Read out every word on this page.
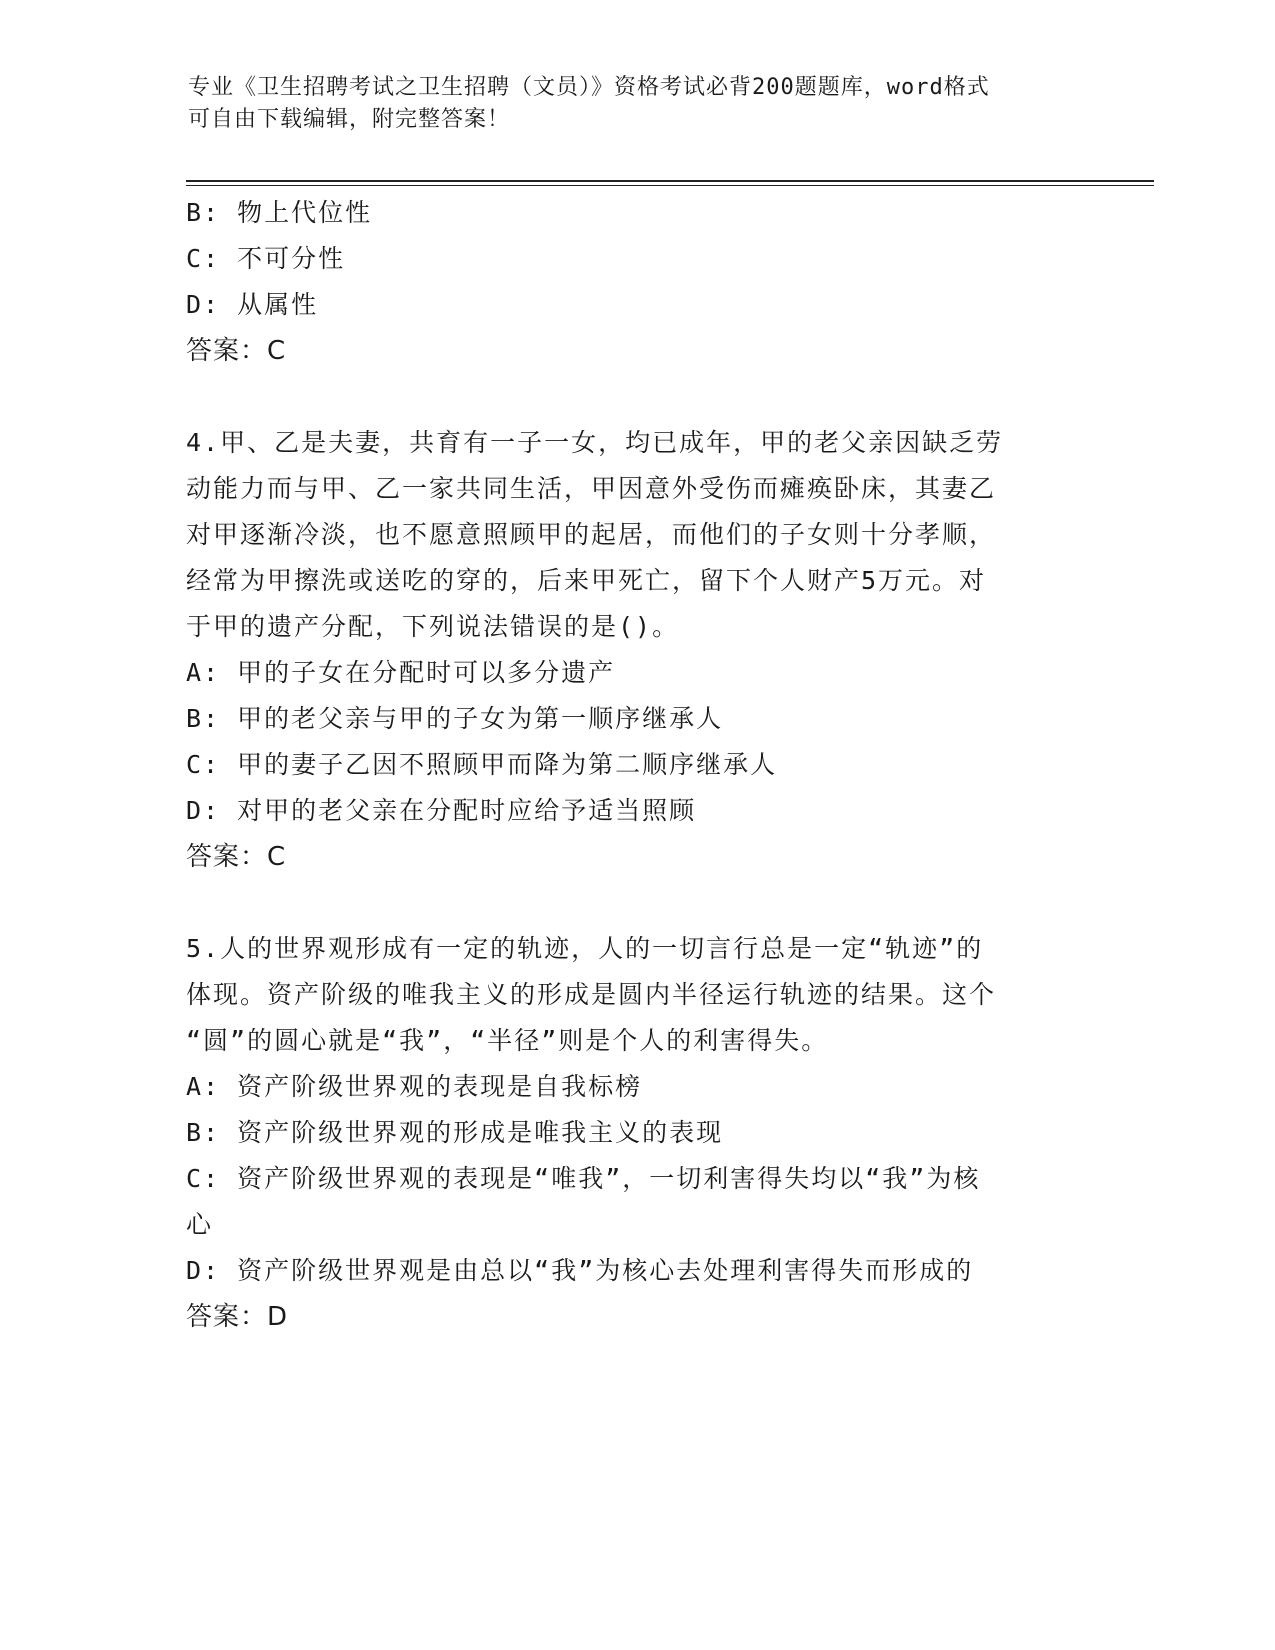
专业《卫生招聘考试之卫生招聘（文员）》资格考试必背200题题库，word格式
可自由下载编辑，附完整答案！
B: 物上代位性
C: 不可分性
D: 从属性
答案：C
4.甲、乙是夫妻，共育有一子一女，均已成年，甲的老父亲因缺乏劳
动能力而与甲、乙一家共同生活，甲因意外受伤而瘫痪卧床，其妻乙
对甲逐渐冷淡，也不愿意照顾甲的起居，而他们的子女则十分孝顺，
经常为甲擦洗或送吃的穿的，后来甲死亡，留下个人财产5万元。对
于甲的遗产分配，下列说法错误的是()。
A: 甲的子女在分配时可以多分遗产
B: 甲的老父亲与甲的子女为第一顺序继承人
C: 甲的妻子乙因不照顾甲而降为第二顺序继承人
D: 对甲的老父亲在分配时应给予适当照顾
答案：C
5.人的世界观形成有一定的轨迹，人的一切言行总是一定“轨迹”的
体现。资产阶级的唯我主义的形成是圆内半径运行轨迹的结果。这个
“圆”的圆心就是“我”，“半径”则是个人的利害得失。
A: 资产阶级世界观的表现是自我标榜
B: 资产阶级世界观的形成是唯我主义的表现
C: 资产阶级世界观的表现是“唯我”，一切利害得失均以“我”为核
心
D: 资产阶级世界观是由总以“我”为核心去处理利害得失而形成的
答案：D
